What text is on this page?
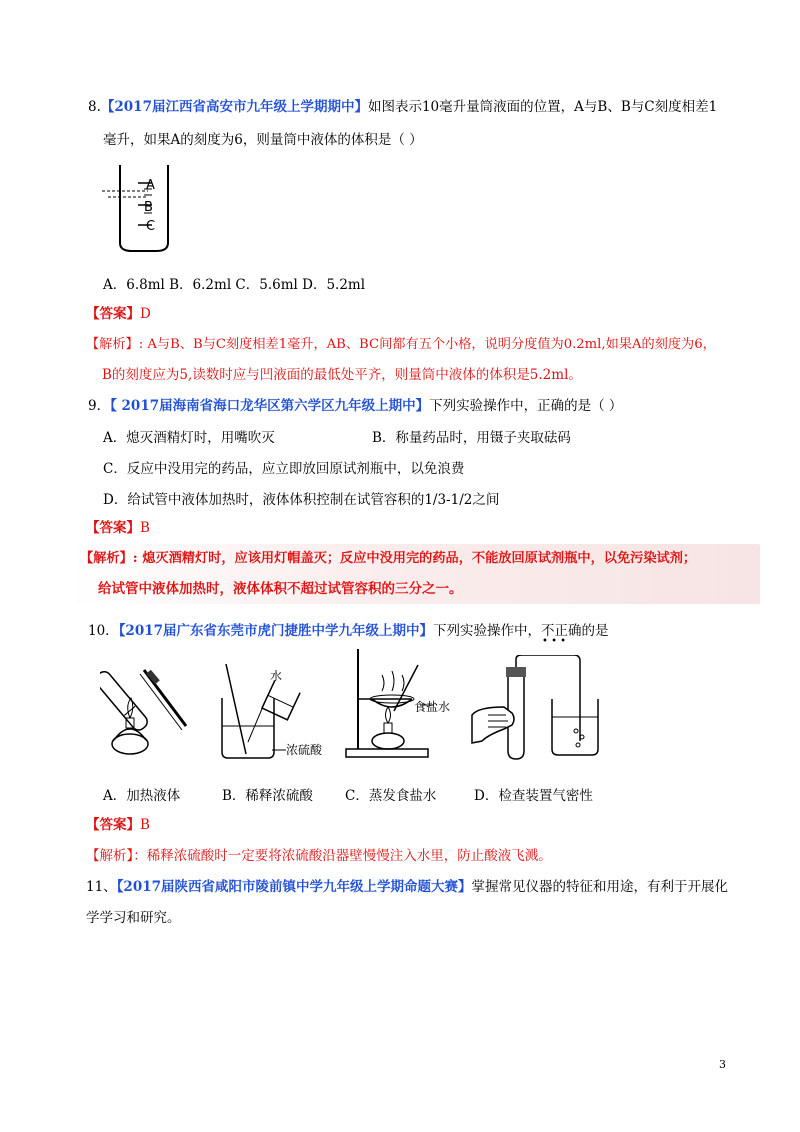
8.【2017届江西省高安市九年级上学期期中】如图表示10毫升量筒液面的位置，A与B、B与C刻度相差1
毫升，如果A的刻度为6，则量筒中液体的体积是（ ）
A
B
C
A．6.8ml B．6.2ml C．5.6ml D．5.2ml
【答案】D
【解析】: A与B、B与C刻度相差1毫升，AB、BC间都有五个小格，说明分度值为0.2ml,如果A的刻度为6，
B的刻度应为5,读数时应与凹液面的最低处平齐，则量筒中液体的体积是5.2ml。
9．【 2017届海南省海口龙华区第六学区九年级上期中】下列实验操作中，正确的是（ ）
A．熄灭酒精灯时，用嘴吹灭	B．称量药品时，用镊子夹取砝码
C．反应中没用完的药品，应立即放回原试剂瓶中，以免浪费
D．给试管中液体加热时，液体体积控制在试管容积的1/3-1/2之间
【答案】B
【解析】: 熄灭酒精灯时，应该用灯帽盖灭；反应中没用完的药品，不能放回原试剂瓶中，以免污染试剂；
给试管中液体加热时，液体体积不超过试管容积的三分之一。
10．【2017届广东省东莞市虎门捷胜中学九年级上期中】下列实验操作中，不正确的是
• • •
水
浓硫酸
食盐水
A．加热液体	B．稀释浓硫酸 C．蒸发食盐水	D．检查装置气密性
【答案】B
【解析】：稀释浓硫酸时一定要将浓硫酸沿器壁慢慢注入水里，防止酸液飞溅。
11、【2017届陕西省咸阳市陵前镇中学九年级上学期命题大赛】掌握常见仪器的特征和用途，有利于开展化
学学习和研究。
3
